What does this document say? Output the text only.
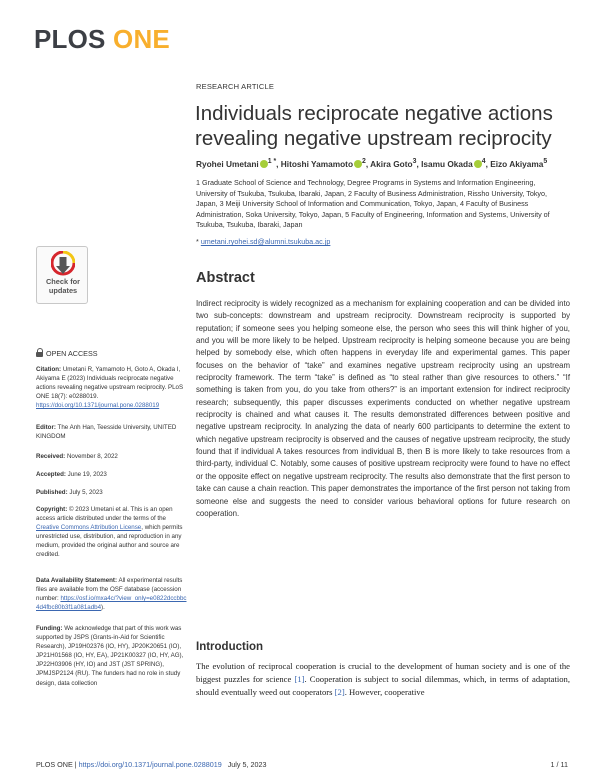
PLOS ONE
RESEARCH ARTICLE
Individuals reciprocate negative actions revealing negative upstream reciprocity
Ryohei Umetani $^{1 *}$, Hitoshi Yamamoto $^2$, Akira Goto$^3$, Isamu Okada $^4$, Eizo Akiyama$^5$
1 Graduate School of Science and Technology, Degree Programs in Systems and Information Engineering, University of Tsukuba, Tsukuba, Ibaraki, Japan, 2 Faculty of Business Administration, Rissho University, Tokyo, Japan, 3 Meiji University School of Information and Communication, Tokyo, Japan, 4 Faculty of Business Administration, Soka University, Tokyo, Japan, 5 Faculty of Engineering, Information and Systems, University of Tsukuba, Tsukuba, Ibaraki, Japan
* umetani.ryohei.sd@alumni.tsukuba.ac.jp
Abstract

Indirect reciprocity is widely recognized as a mechanism for explaining cooperation and can be divided into two sub-concepts: downstream and upstream reciprocity. Downstream reciprocity is supported by reputation; if someone sees you helping someone else, the person who sees this will think higher of you, and you will be more likely to be helped. Upstream reciprocity is helping someone because you are being helped by somebody else, which often happens in everyday life and experimental games. This paper focuses on the behavior of “take” and examines negative upstream reciprocity using an upstream reciprocity framework. The term “take” is defined as “to steal rather than give resources to others.” “If something is taken from you, do you take from others?” is an important extension for indirect reciprocity research; subsequently, this paper discusses experiments conducted on whether negative upstream reciprocity is chained and what causes it. The results demonstrated differences between positive and negative upstream reciprocity. In analyzing the data of nearly 600 participants to determine the extent to which negative upstream reciprocity is observed and the causes of negative upstream reciprocity, the study found that if individual A takes resources from individual B, then B is more likely to take resources from a third-party, individual C. Notably, some causes of positive upstream reciprocity were found to have no effect or the opposite effect on negative upstream reciprocity. The results also demonstrate that the first person to take can cause a chain reaction. This paper demonstrates the importance of the first person not taking from someone else and suggests the need to consider various behavioral options for future research on cooperation.

Introduction

The evolution of reciprocal cooperation is crucial to the development of human society and is one of the biggest puzzles for science [1]. Cooperation is subject to social dilemmas, which, in terms of adaptation, should eventually weed out cooperators [2]. However, cooperative

Check for
updates
OPEN ACCESS
Citation: Umetani R, Yamamoto H, Goto A, Okada I, Akiyama E (2023) Individuals reciprocate negative actions revealing negative upstream reciprocity. PLoS ONE 18(7): e0288019. https://doi.org/10.1371/journal.pone.0288019
Editor: The Anh Han, Teesside University, UNITED KINGDOM
Received: November 8, 2022
Accepted: June 19, 2023
Published: July 5, 2023
Copyright: © 2023 Umetani et al. This is an open access article distributed under the terms of the Creative Commons Attribution License, which permits unrestricted use, distribution, and reproduction in any medium, provided the original author and source are credited.
Data Availability Statement: All experimental results files are available from the OSF database (accession number: https://osf.io/mxa4c/?view_only=e0822dccbbc4d4fbc80b3f1a081adb4).
Funding: We acknowledge that part of this work was supported by JSPS (Grants-in-Aid for Scientific Research), JP19H02376 (IO, HY), JP20K20651 (IO), JP21H01568 (IO, HY, EA), JP21K00327 (IO, HY, AG), JP22H03906 (HY, IO) and JST (JST SPRING), JPMJSP2124 (RU). The funders had no role in study design, data collection
PLOS ONE | https://doi.org/10.1371/journal.pone.0288019 July 5, 2023	1 / 11
